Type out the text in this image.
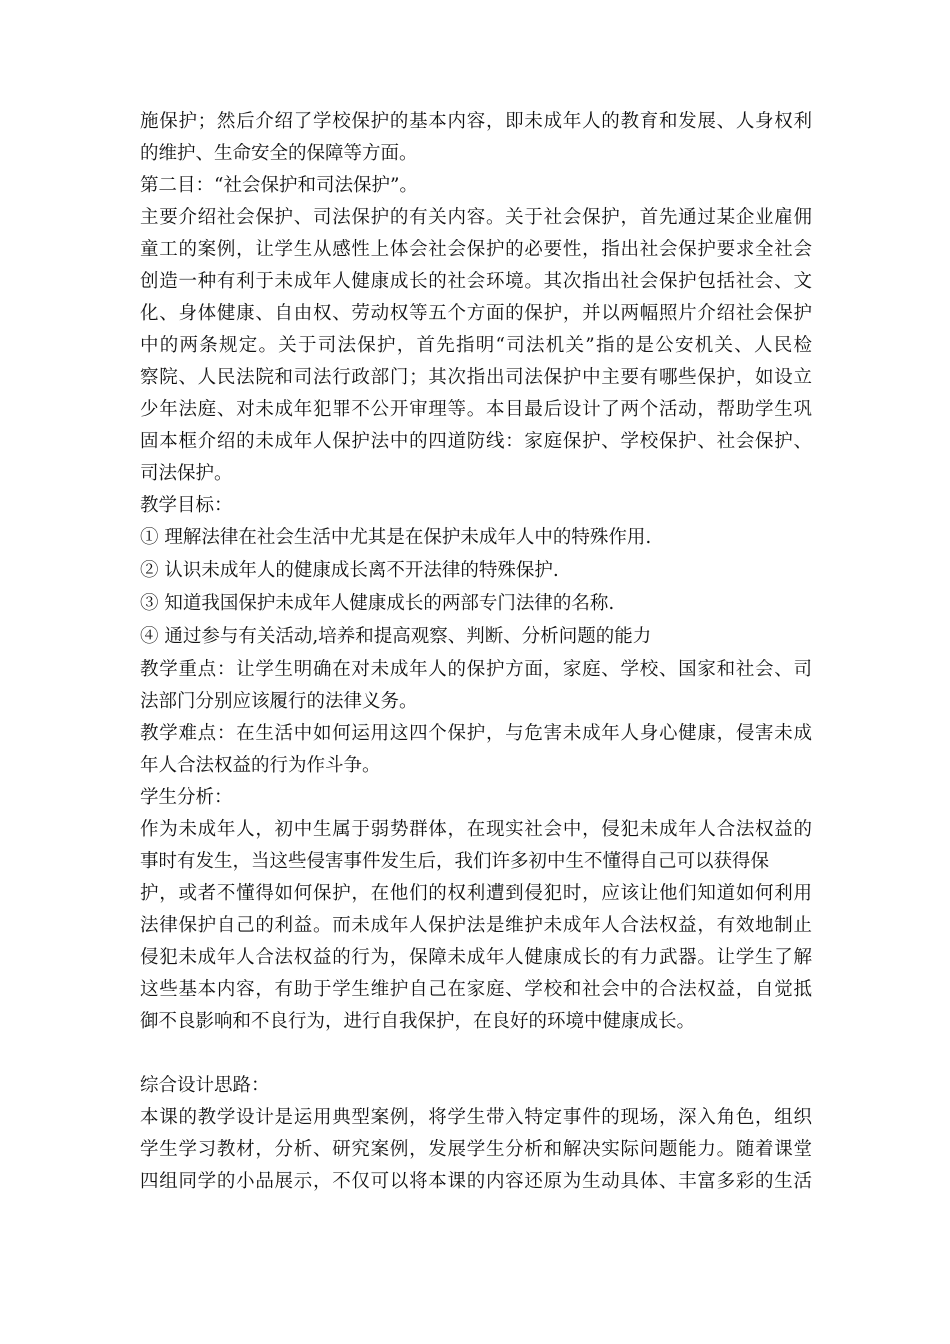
施保护；然后介绍了学校保护的基本内容，即未成年人的教育和发展、人身权利
的维护、生命安全的保障等方面。
第二目：“社会保护和司法保护”。
主要介绍社会保护、司法保护的有关内容。关于社会保护，首先通过某企业雇佣
童工的案例，让学生从感性上体会社会保护的必要性，指出社会保护要求全社会
创造一种有利于未成年人健康成长的社会环境。其次指出社会保护包括社会、文
化、身体健康、自由权、劳动权等五个方面的保护，并以两幅照片介绍社会保护
中的两条规定。关于司法保护，首先指明“司法机关”指的是公安机关、人民检
察院、人民法院和司法行政部门；其次指出司法保护中主要有哪些保护，如设立
少年法庭、对未成年犯罪不公开审理等。本目最后设计了两个活动，帮助学生巩
固本框介绍的未成年人保护法中的四道防线：家庭保护、学校保护、社会保护、
司法保护。
教学目标：
① 理解法律在社会生活中尤其是在保护未成年人中的特殊作用.
② 认识未成年人的健康成长离不开法律的特殊保护.
③ 知道我国保护未成年人健康成长的两部专门法律的名称.
④ 通过参与有关活动,培养和提高观察、判断、分析问题的能力
教学重点：让学生明确在对未成年人的保护方面，家庭、学校、国家和社会、司
法部门分别应该履行的法律义务。
教学难点：在生活中如何运用这四个保护，与危害未成年人身心健康，侵害未成
年人合法权益的行为作斗争。
学生分析：
作为未成年人，初中生属于弱势群体，在现实社会中，侵犯未成年人合法权益的
事时有发生，当这些侵害事件发生后，我们许多初中生不懂得自己可以获得保
护，或者不懂得如何保护，在他们的权利遭到侵犯时，应该让他们知道如何利用
法律保护自己的利益。而未成年人保护法是维护未成年人合法权益，有效地制止
侵犯未成年人合法权益的行为，保障未成年人健康成长的有力武器。让学生了解
这些基本内容，有助于学生维护自己在家庭、学校和社会中的合法权益，自觉抵
御不良影响和不良行为，进行自我保护，在良好的环境中健康成长。
综合设计思路：
本课的教学设计是运用典型案例，将学生带入特定事件的现场，深入角色，组织
学生学习教材，分析、研究案例，发展学生分析和解决实际问题能力。随着课堂
四组同学的小品展示，不仅可以将本课的内容还原为生动具体、丰富多彩的生活
